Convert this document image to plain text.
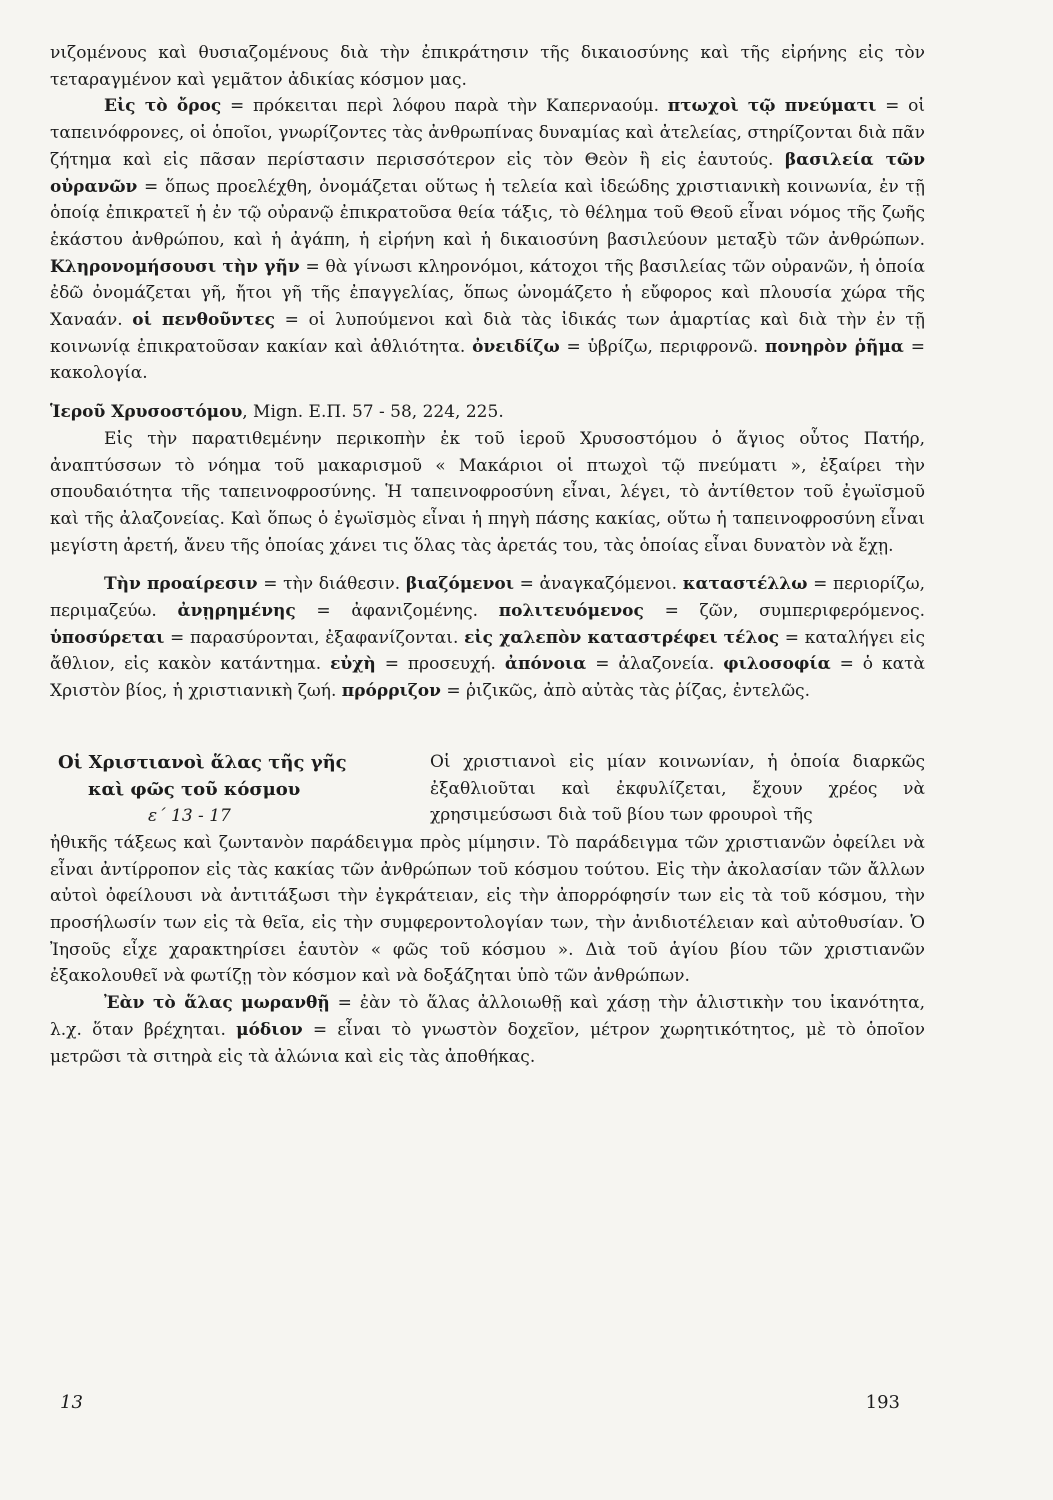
νιζομένους καὶ θυσιαζομένους διὰ τὴν ἐπικράτησιν τῆς δικαιοσύνης καὶ τῆς εἰρήνης εἰς τὸν τεταραγμένον καὶ γεμᾶτον ἀδικίας κόσμον μας.

Εἰς τὸ ὄρος = πρόκειται περὶ λόφου παρὰ τὴν Καπερναούμ. πτωχοὶ τῷ πνεύματι = οἱ ταπεινόφρονες, οἱ ὁποῖοι, γνωρίζοντες τὰς ἀνθρωπίνας δυναμίας καὶ ἀτελείας, στηρίζονται διὰ πᾶν ζήτημα καὶ εἰς πᾶσαν περίστασιν περισσότερον εἰς τὸν Θεὸν ἢ εἰς ἑαυτούς. βασιλεία τῶν οὐρανῶν = ὅπως προελέχθη, ὀνομάζεται οὕτως ἡ τελεία καὶ ἰδεώδης χριστιανικὴ κοινωνία, ἐν τῇ ὁποίᾳ ἐπικρατεῖ ἡ ἐν τῷ οὐρανῷ ἐπικρατοῦσα θεία τάξις, τὸ θέλημα τοῦ Θεοῦ εἶναι νόμος τῆς ζωῆς ἑκάστου ἀνθρώπου, καὶ ἡ ἀγάπη, ἡ εἰρήνη καὶ ἡ δικαιοσύνη βασιλεύουν μεταξὺ τῶν ἀνθρώπων. Κληρονομήσουσι τὴν γῆν = θὰ γίνωσι κληρονόμοι, κάτοχοι τῆς βασιλείας τῶν οὐρανῶν, ἡ ὁποία ἐδῶ ὀνομάζεται γῆ, ἤτοι γῆ τῆς ἐπαγγελίας, ὅπως ὠνομάζετο ἡ εὔφορος καὶ πλουσία χώρα τῆς Χαναάν. οἱ πενθοῦντες = οἱ λυπούμενοι καὶ διὰ τὰς ἰδικάς των ἁμαρτίας καὶ διὰ τὴν ἐν τῇ κοινωνίᾳ ἐπικρατοῦσαν κακίαν καὶ ἀθλιότητα. ὀνειδίζω = ὑβρίζω, περιφρονῶ. πονηρὸν ῥῆμα = κακολογία.

Ἱεροῦ Χρυσοστόμου, Mign. Ε.Π. 57 - 58, 224, 225.

Εἰς τὴν παρατιθεμένην περικοπὴν ἐκ τοῦ ἱεροῦ Χρυσοστόμου ὁ ἅγιος οὗτος Πατήρ, ἀναπτύσσων τὸ νόημα τοῦ μακαρισμοῦ « Μακάριοι οἱ πτωχοὶ τῷ πνεύματι », ἐξαίρει τὴν σπουδαιότητα τῆς ταπεινοφροσύνης. Ἡ ταπεινοφροσύνη εἶναι, λέγει, τὸ ἀντίθετον τοῦ ἐγωϊσμοῦ καὶ τῆς ἀλαζονείας. Καὶ ὅπως ὁ ἐγωϊσμὸς εἶναι ἡ πηγὴ πάσης κακίας, οὕτω ἡ ταπεινοφροσύνη εἶναι μεγίστη ἀρετή, ἄνευ τῆς ὁποίας χάνει τις ὅλας τὰς ἀρετάς του, τὰς ὁποίας εἶναι δυνατὸν νὰ ἔχῃ.

Τὴν προαίρεσιν = τὴν διάθεσιν. βιαζόμενοι = ἀναγκαζόμενοι. καταστέλλω = περιορίζω, περιμαζεύω. ἀνῃρημένης = ἀφανιζομένης. πολιτευόμενος = ζῶν, συμπεριφερόμενος. ὑποσύρεται = παρασύρονται, ἐξαφανίζονται. εἰς χαλεπὸν καταστρέφει τέλος = καταλήγει εἰς ἄθλιον, εἰς κακὸν κατάντημα. εὐχὴ = προσευχή. ἀπόνοια = ἀλαζονεία. φιλοσοφία = ὁ κατὰ Χριστὸν βίος, ἡ χριστιανικὴ ζωή. πρόρριζον = ῥιζικῶς, ἀπὸ αὐτὰς τὰς ῥίζας, ἐντελῶς.

Οἱ Χριστιανοὶ ἅλας τῆς γῆς
καὶ φῶς τοῦ κόσμου
ε΄ 13 - 17
Οἱ χριστιανοὶ εἰς μίαν κοινωνίαν, ἡ ὁποία διαρκῶς ἐξαθλιοῦται καὶ ἐκφυλίζεται, ἔχουν χρέος νὰ χρησιμεύσωσι διὰ τοῦ βίου των φρουροὶ τῆς

ἠθικῆς τάξεως καὶ ζωντανὸν παράδειγμα πρὸς μίμησιν. Τὸ παράδειγμα τῶν χριστιανῶν ὀφείλει νὰ εἶναι ἀντίρροπον εἰς τὰς κακίας τῶν ἀνθρώπων τοῦ κόσμου τούτου. Εἰς τὴν ἀκολασίαν τῶν ἄλλων αὐτοὶ ὀφείλουσι νὰ ἀντιτάξωσι τὴν ἐγκράτειαν, εἰς τὴν ἀπορρόφησίν των εἰς τὰ τοῦ κόσμου, τὴν προσήλωσίν των εἰς τὰ θεῖα, εἰς τὴν συμφεροντολογίαν των, τὴν ἀνιδιοτέλειαν καὶ αὐτοθυσίαν. Ὁ Ἰησοῦς εἶχε χαρακτηρίσει ἑαυτὸν « φῶς τοῦ κόσμου ». Διὰ τοῦ ἁγίου βίου τῶν χριστιανῶν ἐξακολουθεῖ νὰ φωτίζῃ τὸν κόσμον καὶ νὰ δοξάζηται ὑπὸ τῶν ἀνθρώπων.

Ἐὰν τὸ ἅλας μωρανθῇ = ἐὰν τὸ ἅλας ἀλλοιωθῇ καὶ χάσῃ τὴν ἁλιστικὴν του ἱκανότητα, λ.χ. ὅταν βρέχηται. μόδιον = εἶναι τὸ γνωστὸν δοχεῖον, μέτρον χωρητικότητος, μὲ τὸ ὁποῖον μετρῶσι τὰ σιτηρὰ εἰς τὰ ἀλώνια καὶ εἰς τὰς ἀποθήκας.

13	193
